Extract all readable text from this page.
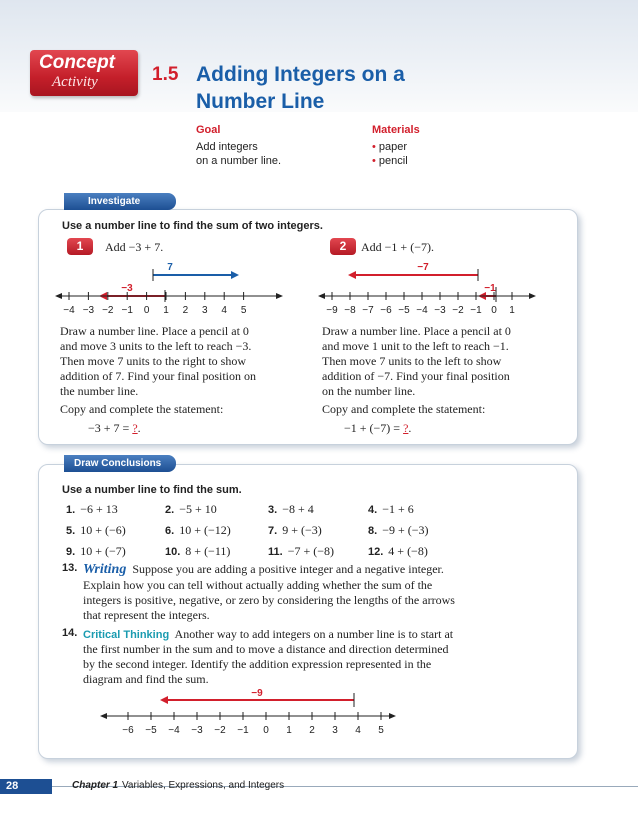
Concept
Activity	1.5 Adding Integers on a
Number Line
Goal
Add integers
on a number line.
Materials
• paper
• pencil
Investigate
Use a number line to find the sum of two integers.
1	Add −3 + 7.
7
−3
−4 −3 −2 −1 0 1 2 3 4 5
Draw a number line. Place a pencil at 0
and move 3 units to the left to reach −3.
Then move 7 units to the right to show
addition of 7. Find your final position on
the number line.
Copy and complete the statement:
−3 + 7 = ?.
2	Add −1 + (−7).
−7
−1
−9 −8 −7 −6 −5 −4 −3 −2 −1 0 1
Draw a number line. Place a pencil at 0
and move 1 unit to the left to reach −1.
Then move 7 units to the left to show
addition of −7. Find your final position
on the number line.
Copy and complete the statement:
−1 + (−7) = ?.
Draw Conclusions
Use a number line to find the sum.
1. −6 + 13	2. −5 + 10	3. −8 + 4	4. −1 + 6
5. 10 + (−6)	6. 10 + (−12)	7. 9 + (−3)	8. −9 + (−3)
9. 10 + (−7)	10. 8 + (−11)	11. −7 + (−8)	12. 4 + (−8)
13. Writing Suppose you are adding a positive integer and a negative integer. Explain how you can tell without actually adding whether the sum of the integers is positive, negative, or zero by considering the lengths of the arrows that represent the integers.
14. Critical Thinking Another way to add integers on a number line is to start at the first number in the sum and to move a distance and direction determined by the second integer. Identify the addition expression represented in the diagram and find the sum.
−9
−6 −5 −4 −3 −2 −1 0 1 2 3 4 5
28	Chapter 1 Variables, Expressions, and Integers
